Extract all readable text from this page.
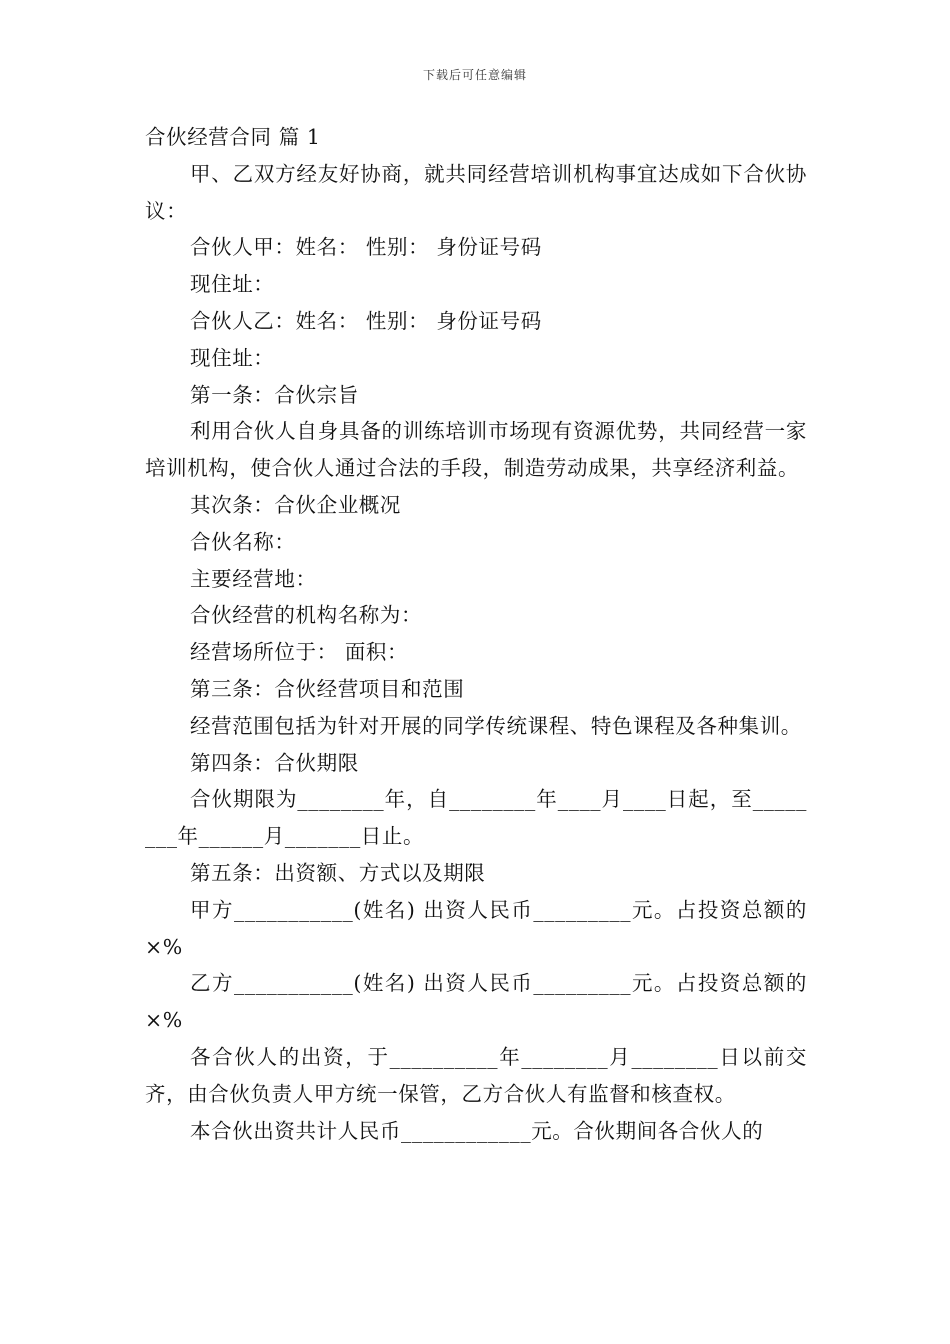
下载后可任意编辑
合伙经营合同 篇 1
甲、乙双方经友好协商，就共同经营培训机构事宜达成如下合伙协议：
合伙人甲：姓名： 性别： 身份证号码
现住址：
合伙人乙：姓名： 性别： 身份证号码
现住址：
第一条：合伙宗旨
利用合伙人自身具备的训练培训市场现有资源优势，共同经营一家培训机构，使合伙人通过合法的手段，制造劳动成果，共享经济利益。
其次条：合伙企业概况
合伙名称：
主要经营地：
合伙经营的机构名称为：
经营场所位于： 面积：
第三条：合伙经营项目和范围
经营范围包括为针对开展的同学传统课程、特色课程及各种集训。
第四条：合伙期限
合伙期限为________年，自________年____月____日起，至________年______月_______日止。
第五条：出资额、方式以及期限
甲方___________(姓名) 出资人民币_________元。占投资总额的×%
乙方___________(姓名) 出资人民币_________元。占投资总额的×%
各合伙人的出资，于__________年________月________日以前交齐，由合伙负责人甲方统一保管，乙方合伙人有监督和核查权。
本合伙出资共计人民币____________元。合伙期间各合伙人的
